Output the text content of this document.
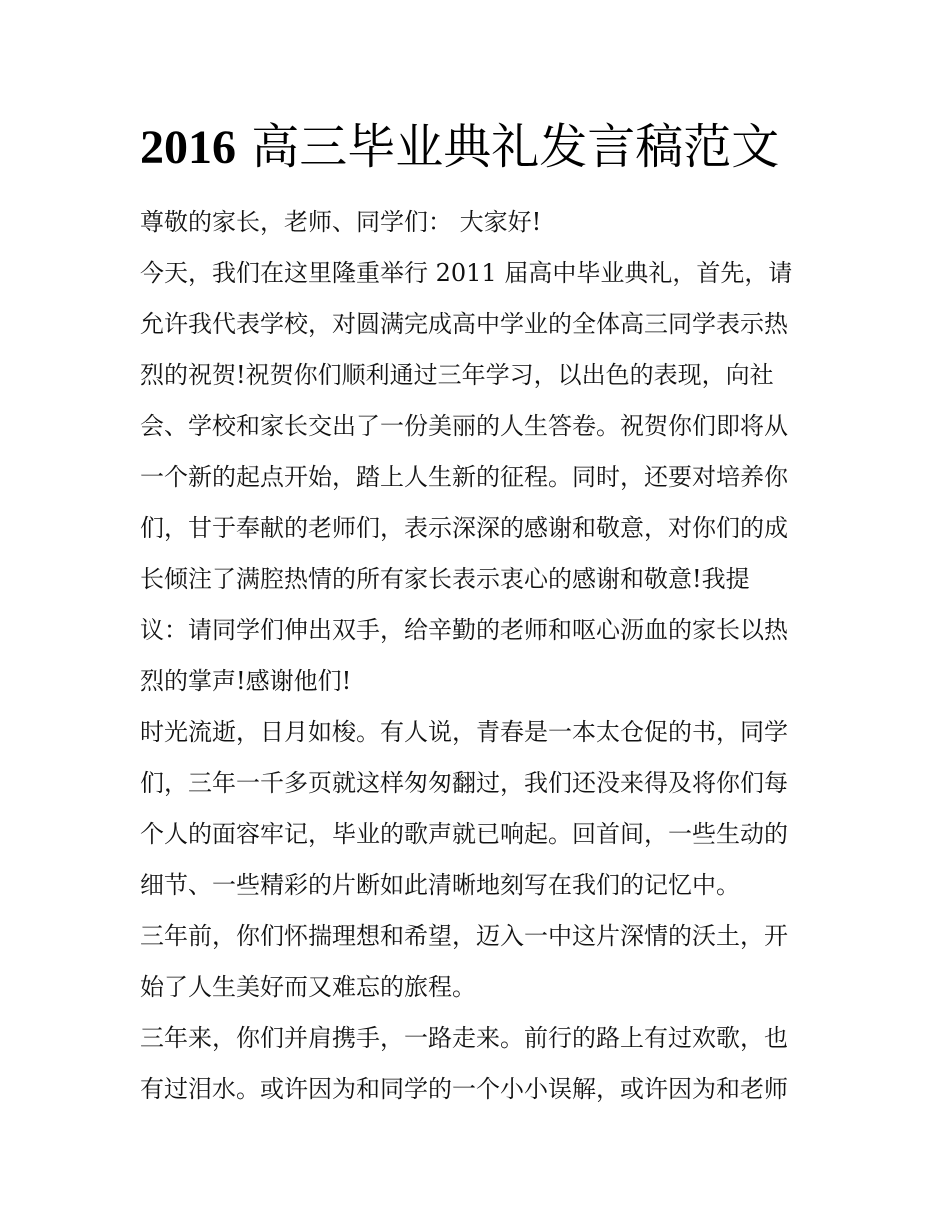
2016 高三毕业典礼发言稿范文
尊敬的家长，老师、同学们： 大家好!
今天，我们在这里隆重举行 2011 届高中毕业典礼，首先，请
允许我代表学校，对圆满完成高中学业的全体高三同学表示热
烈的祝贺!祝贺你们顺利通过三年学习，以出色的表现，向社
会、学校和家长交出了一份美丽的人生答卷。祝贺你们即将从
一个新的起点开始，踏上人生新的征程。同时，还要对培养你
们，甘于奉献的老师们，表示深深的感谢和敬意，对你们的成
长倾注了满腔热情的所有家长表示衷心的感谢和敬意!我提
议：请同学们伸出双手，给辛勤的老师和呕心沥血的家长以热
烈的掌声!感谢他们!
时光流逝，日月如梭。有人说，青春是一本太仓促的书，同学
们，三年一千多页就这样匆匆翻过，我们还没来得及将你们每
个人的面容牢记，毕业的歌声就已响起。回首间，一些生动的
细节、一些精彩的片断如此清晰地刻写在我们的记忆中。
三年前，你们怀揣理想和希望，迈入一中这片深情的沃土，开
始了人生美好而又难忘的旅程。
三年来，你们并肩携手，一路走来。前行的路上有过欢歌，也
有过泪水。或许因为和同学的一个小小误解，或许因为和老师
